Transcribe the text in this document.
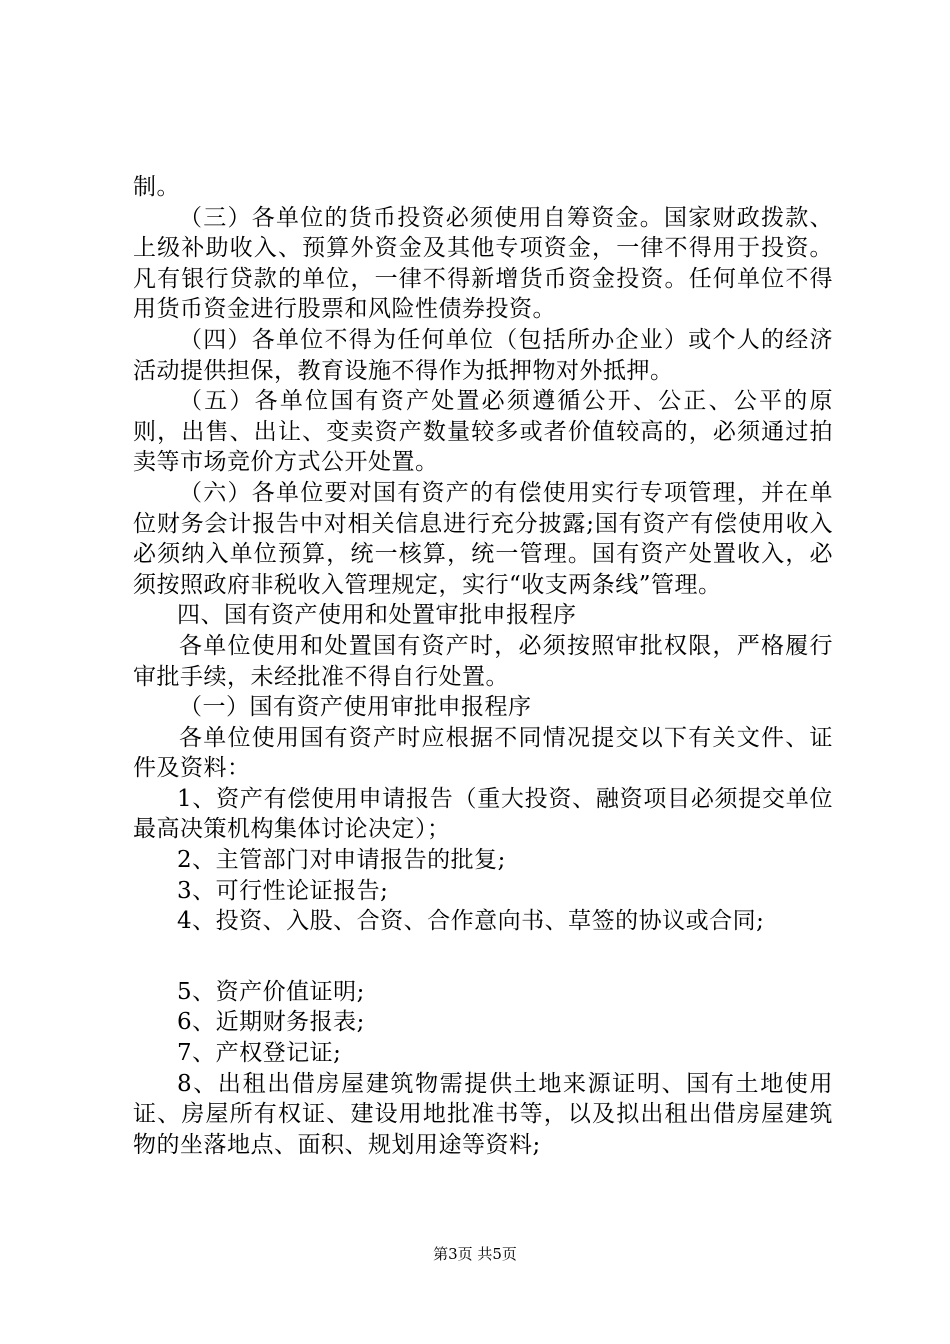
制。

（三）各单位的货币投资必须使用自筹资金。国家财政拨款、上级补助收入、预算外资金及其他专项资金，一律不得用于投资。凡有银行贷款的单位，一律不得新增货币资金投资。任何单位不得用货币资金进行股票和风险性债券投资。

（四）各单位不得为任何单位（包括所办企业）或个人的经济活动提供担保，教育设施不得作为抵押物对外抵押。

（五）各单位国有资产处置必须遵循公开、公正、公平的原则，出售、出让、变卖资产数量较多或者价值较高的，必须通过拍卖等市场竞价方式公开处置。

（六）各单位要对国有资产的有偿使用实行专项管理，并在单位财务会计报告中对相关信息进行充分披露;国有资产有偿使用收入必须纳入单位预算，统一核算，统一管理。国有资产处置收入，必须按照政府非税收入管理规定，实行“收支两条线”管理。

四、国有资产使用和处置审批申报程序

各单位使用和处置国有资产时，必须按照审批权限，严格履行审批手续，未经批准不得自行处置。

（一）国有资产使用审批申报程序

各单位使用国有资产时应根据不同情况提交以下有关文件、证件及资料：

1、资产有偿使用申请报告（重大投资、融资项目必须提交单位最高决策机构集体讨论决定）；

2、主管部门对申请报告的批复;

3、可行性论证报告;

4、投资、入股、合资、合作意向书、草签的协议或合同;

5、资产价值证明;

6、近期财务报表;

7、产权登记证;

8、出租出借房屋建筑物需提供土地来源证明、国有土地使用证、房屋所有权证、建设用地批准书等，以及拟出租出借房屋建筑物的坐落地点、面积、规划用途等资料;

第3页 共5页
